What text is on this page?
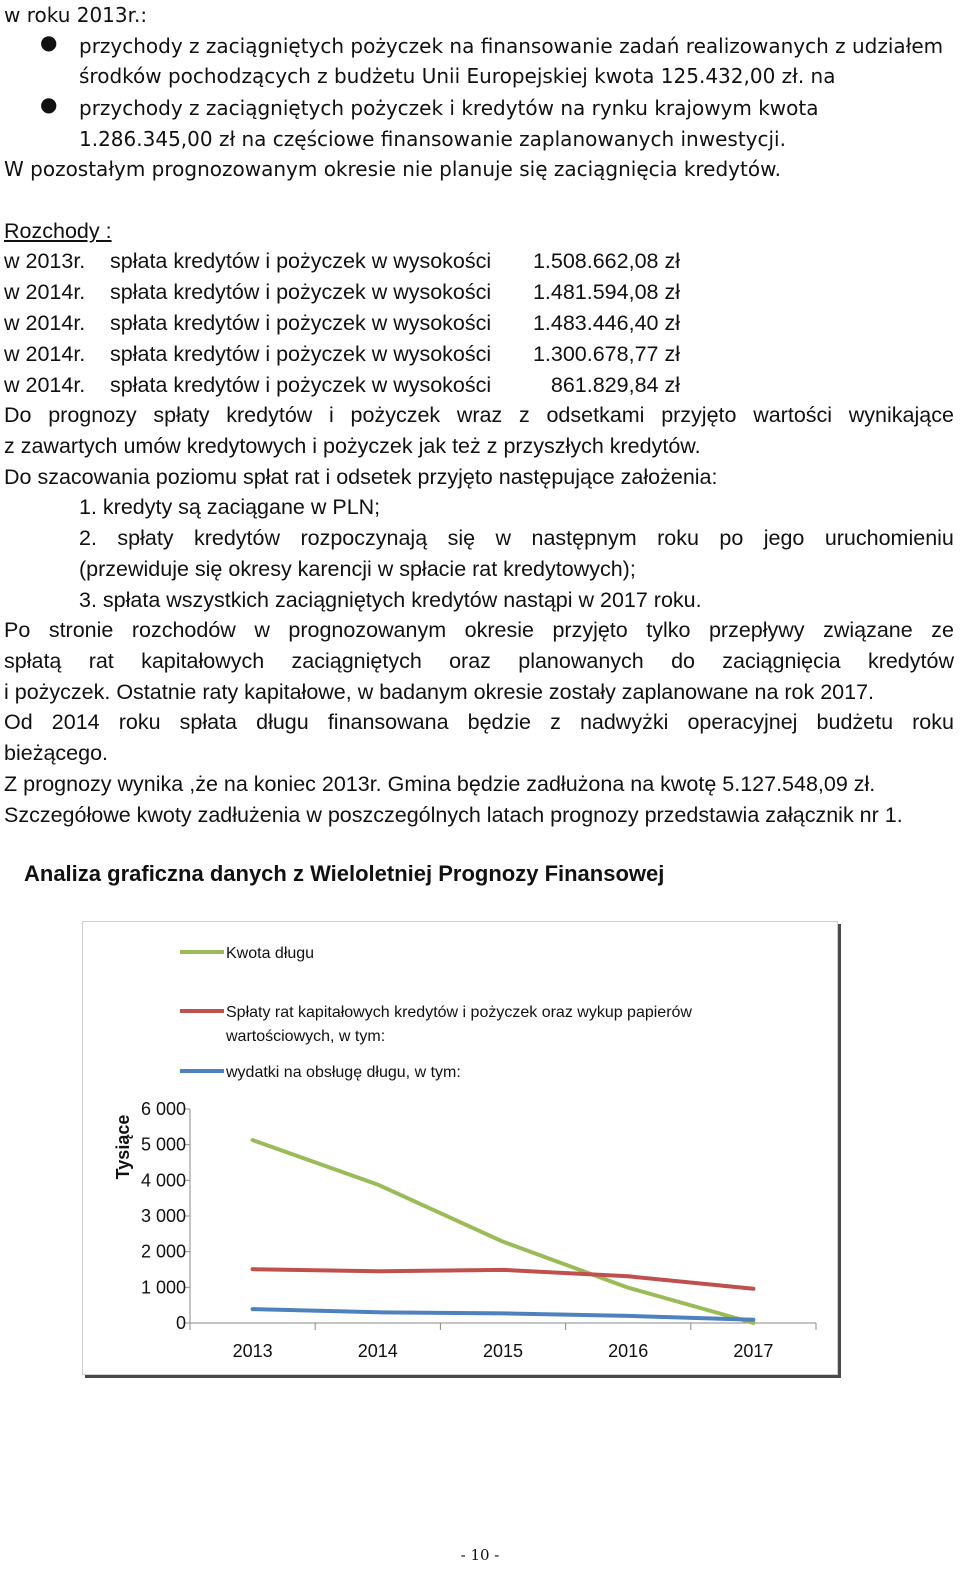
w roku 2013r.:
● przychody z zaciągniętych pożyczek na finansowanie zadań realizowanych z udziałem
środków pochodzących z budżetu Unii Europejskiej kwota 125.432,00 zł. na
● przychody z zaciągniętych pożyczek i kredytów na rynku krajowym kwota
1.286.345,00 zł na częściowe finansowanie zaplanowanych inwestycji.
W pozostałym prognozowanym okresie nie planuje się zaciągnięcia kredytów.
Rozchody :
w 2013r. spłata kredytów i pożyczek w wysokości 1.508.662,08 zł
w 2014r. spłata kredytów i pożyczek w wysokości 1.481.594,08 zł
w 2014r. spłata kredytów i pożyczek w wysokości 1.483.446,40 zł
w 2014r. spłata kredytów i pożyczek w wysokości 1.300.678,77 zł
w 2014r. spłata kredytów i pożyczek w wysokości	861.829,84 zł
Do prognozy spłaty kredytów i pożyczek wraz z odsetkami przyjęto wartości wynikające
z zawartych umów kredytowych i pożyczek jak też z przyszłych kredytów.
Do szacowania poziomu spłat rat i odsetek przyjęto następujące założenia:
1. kredyty są zaciągane w PLN;
2. spłaty kredytów rozpoczynają się w następnym roku po jego uruchomieniu
(przewiduje się okresy karencji w spłacie rat kredytowych);
3. spłata wszystkich zaciągniętych kredytów nastąpi w 2017 roku.
Po stronie rozchodów w prognozowanym okresie przyjęto tylko przepływy związane ze
spłatą rat kapitałowych zaciągniętych oraz planowanych do zaciągnięcia kredytów
i pożyczek. Ostatnie raty kapitałowe, w badanym okresie zostały zaplanowane na rok 2017.
Od 2014 roku spłata długu finansowana będzie z nadwyżki operacyjnej budżetu roku
bieżącego.
Z prognozy wynika ,że na koniec 2013r. Gmina będzie zadłużona na kwotę 5.127.548,09 zł.
Szczegółowe kwoty zadłużenia w poszczególnych latach prognozy przedstawia załącznik nr 1.
Analiza graficzna danych z Wieloletniej Prognozy Finansowej
Kwota długu
Spłaty rat kapitałowych kredytów i pożyczek oraz wykup papierów
wartościowych, w tym:
wydatki na obsługę długu, w tym:
0
1 000
2 000
3 000
4 000
5 000
6 000
2013	2014	2015	2016	2017
Tysiące
- 10 -
